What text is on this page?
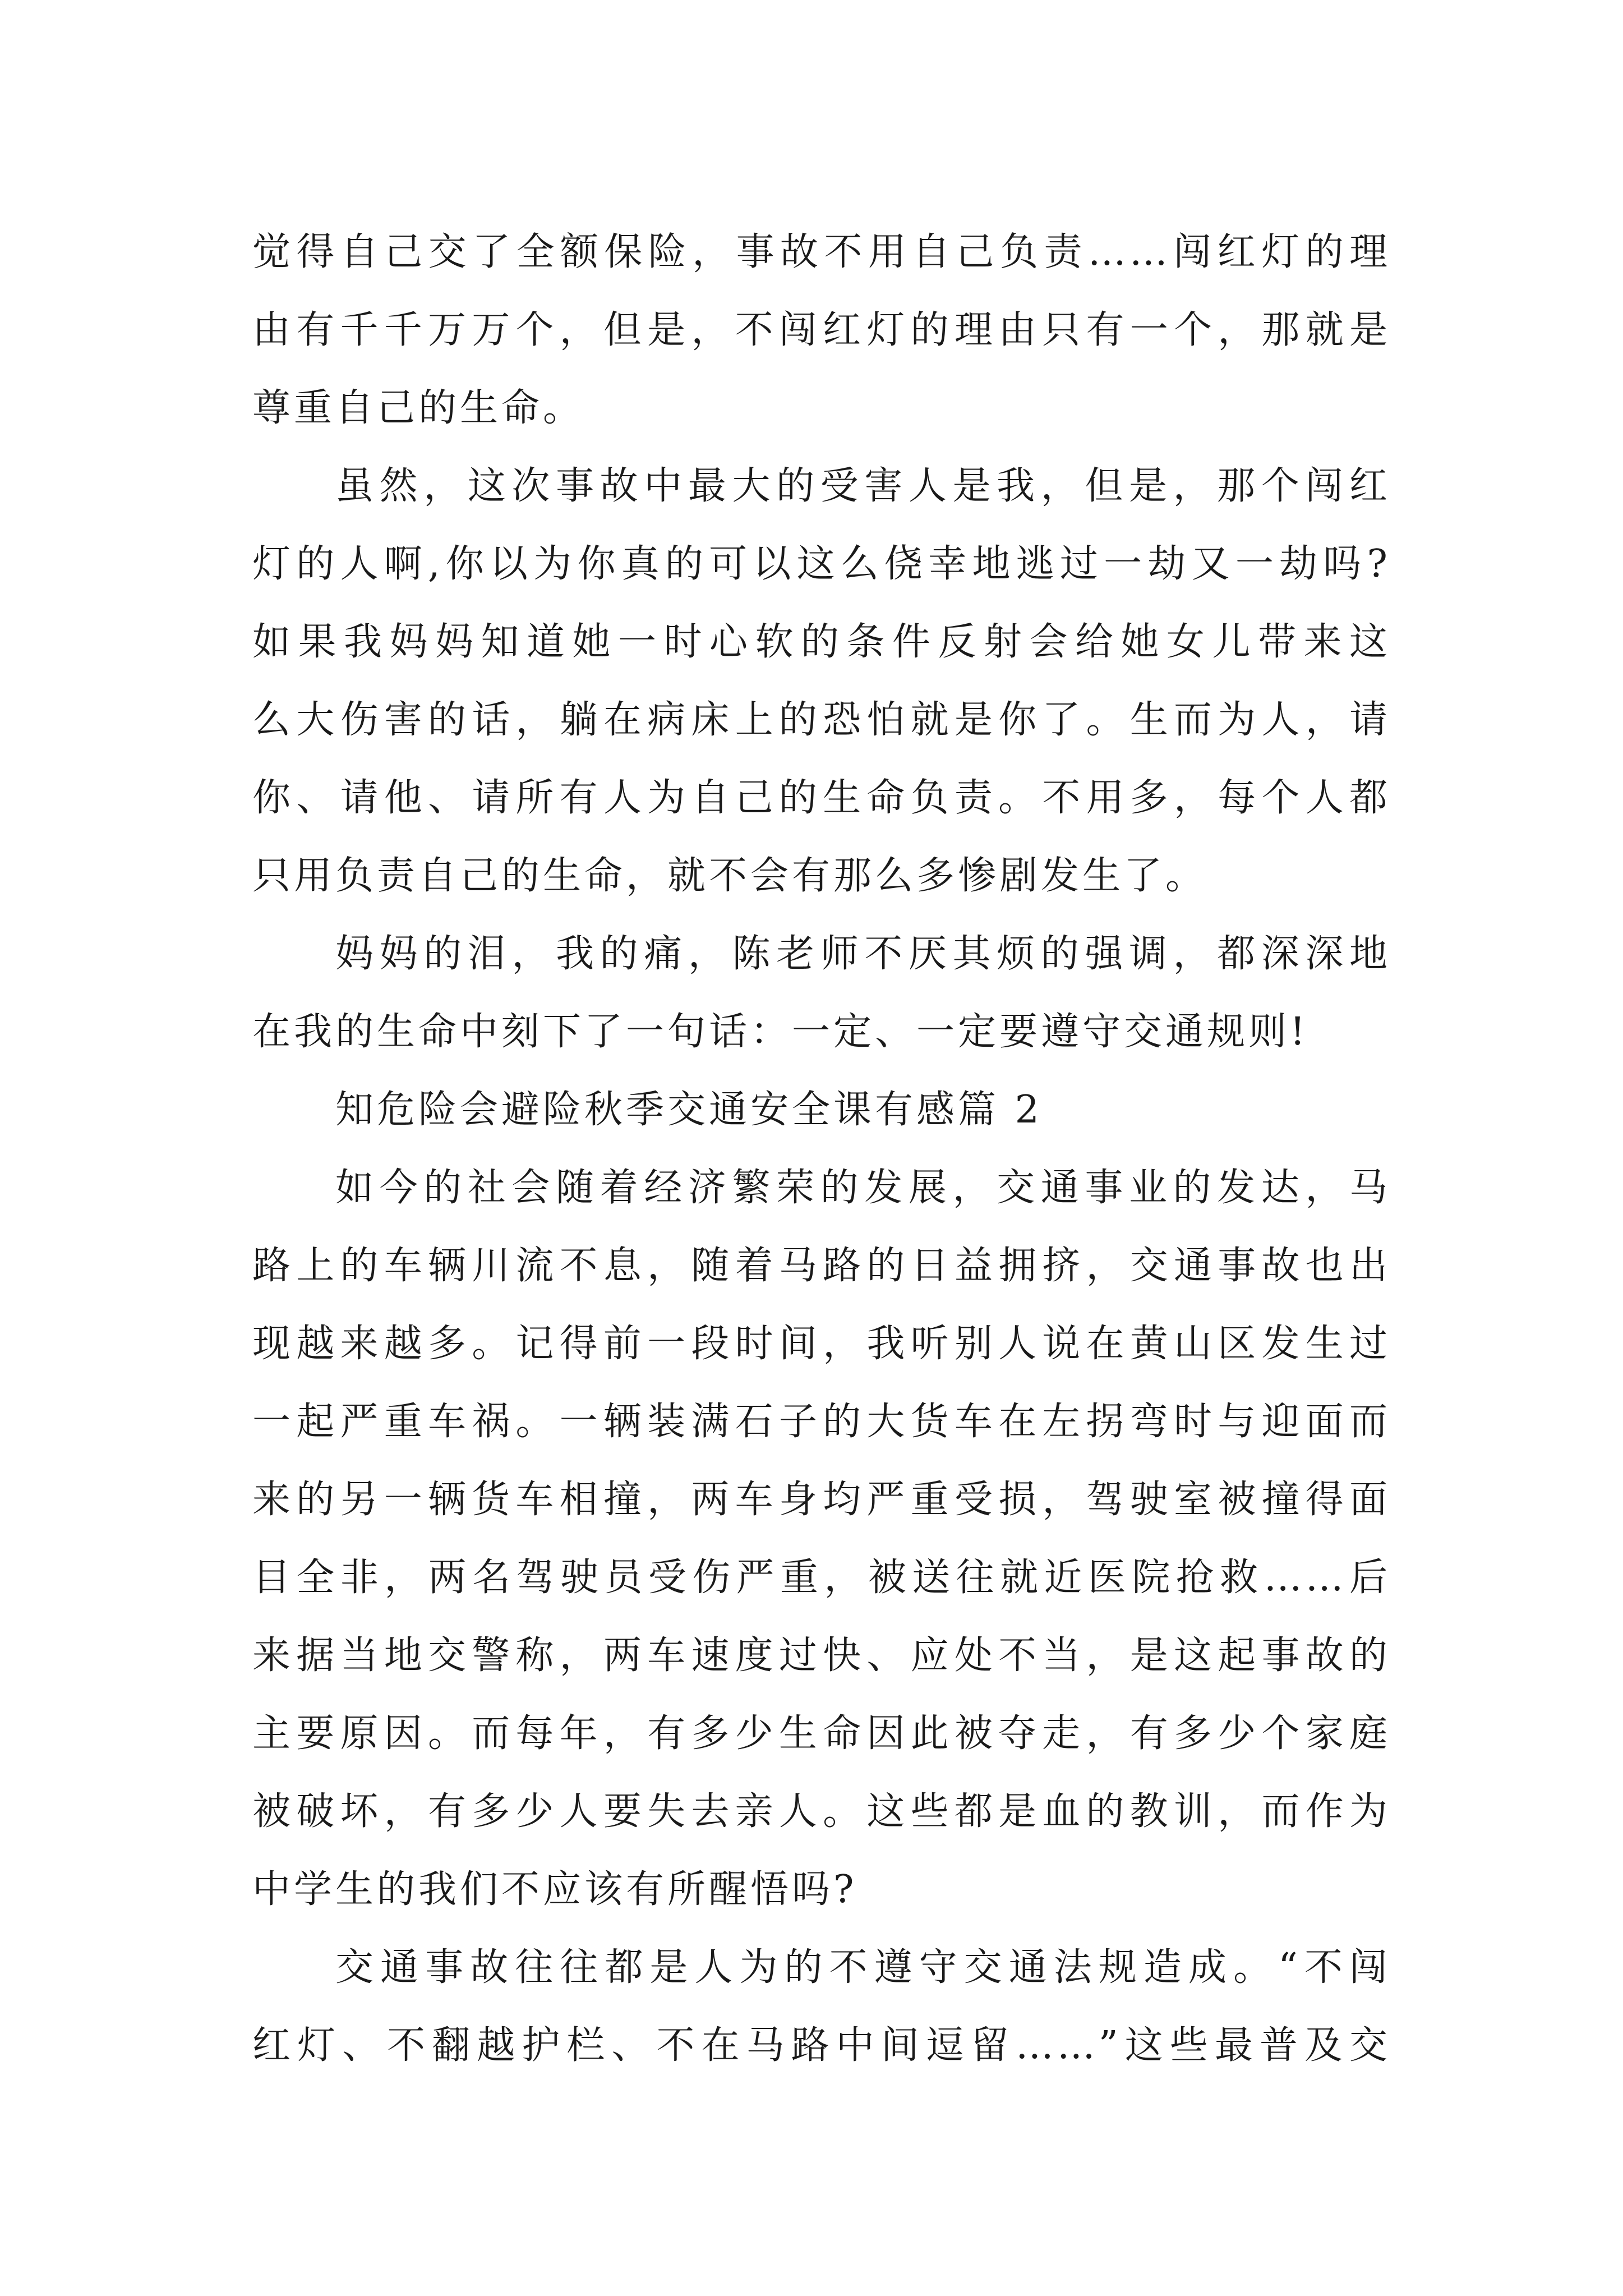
觉得自己交了全额保险，事故不用自己负责……闯红灯的理
由有千千万万个，但是，不闯红灯的理由只有一个，那就是
尊重自己的生命。
虽然，这次事故中最大的受害人是我，但是，那个闯红
灯的人啊,你以为你真的可以这么侥幸地逃过一劫又一劫吗?
如果我妈妈知道她一时心软的条件反射会给她女儿带来这
么大伤害的话，躺在病床上的恐怕就是你了。生而为人，请
你、请他、请所有人为自己的生命负责。不用多，每个人都
只用负责自己的生命，就不会有那么多惨剧发生了。
妈妈的泪，我的痛，陈老师不厌其烦的强调，都深深地
在我的生命中刻下了一句话：一定、一定要遵守交通规则!
知危险会避险秋季交通安全课有感篇 2
如今的社会随着经济繁荣的发展，交通事业的发达，马
路上的车辆川流不息，随着马路的日益拥挤，交通事故也出
现越来越多。记得前一段时间，我听别人说在黄山区发生过
一起严重车祸。一辆装满石子的大货车在左拐弯时与迎面而
来的另一辆货车相撞，两车身均严重受损，驾驶室被撞得面
目全非，两名驾驶员受伤严重，被送往就近医院抢救……后
来据当地交警称，两车速度过快、应处不当，是这起事故的
主要原因。而每年，有多少生命因此被夺走，有多少个家庭
被破坏，有多少人要失去亲人。这些都是血的教训，而作为
中学生的我们不应该有所醒悟吗?
交通事故往往都是人为的不遵守交通法规造成。“不闯
红灯、不翻越护栏、不在马路中间逗留……”这些最普及交
